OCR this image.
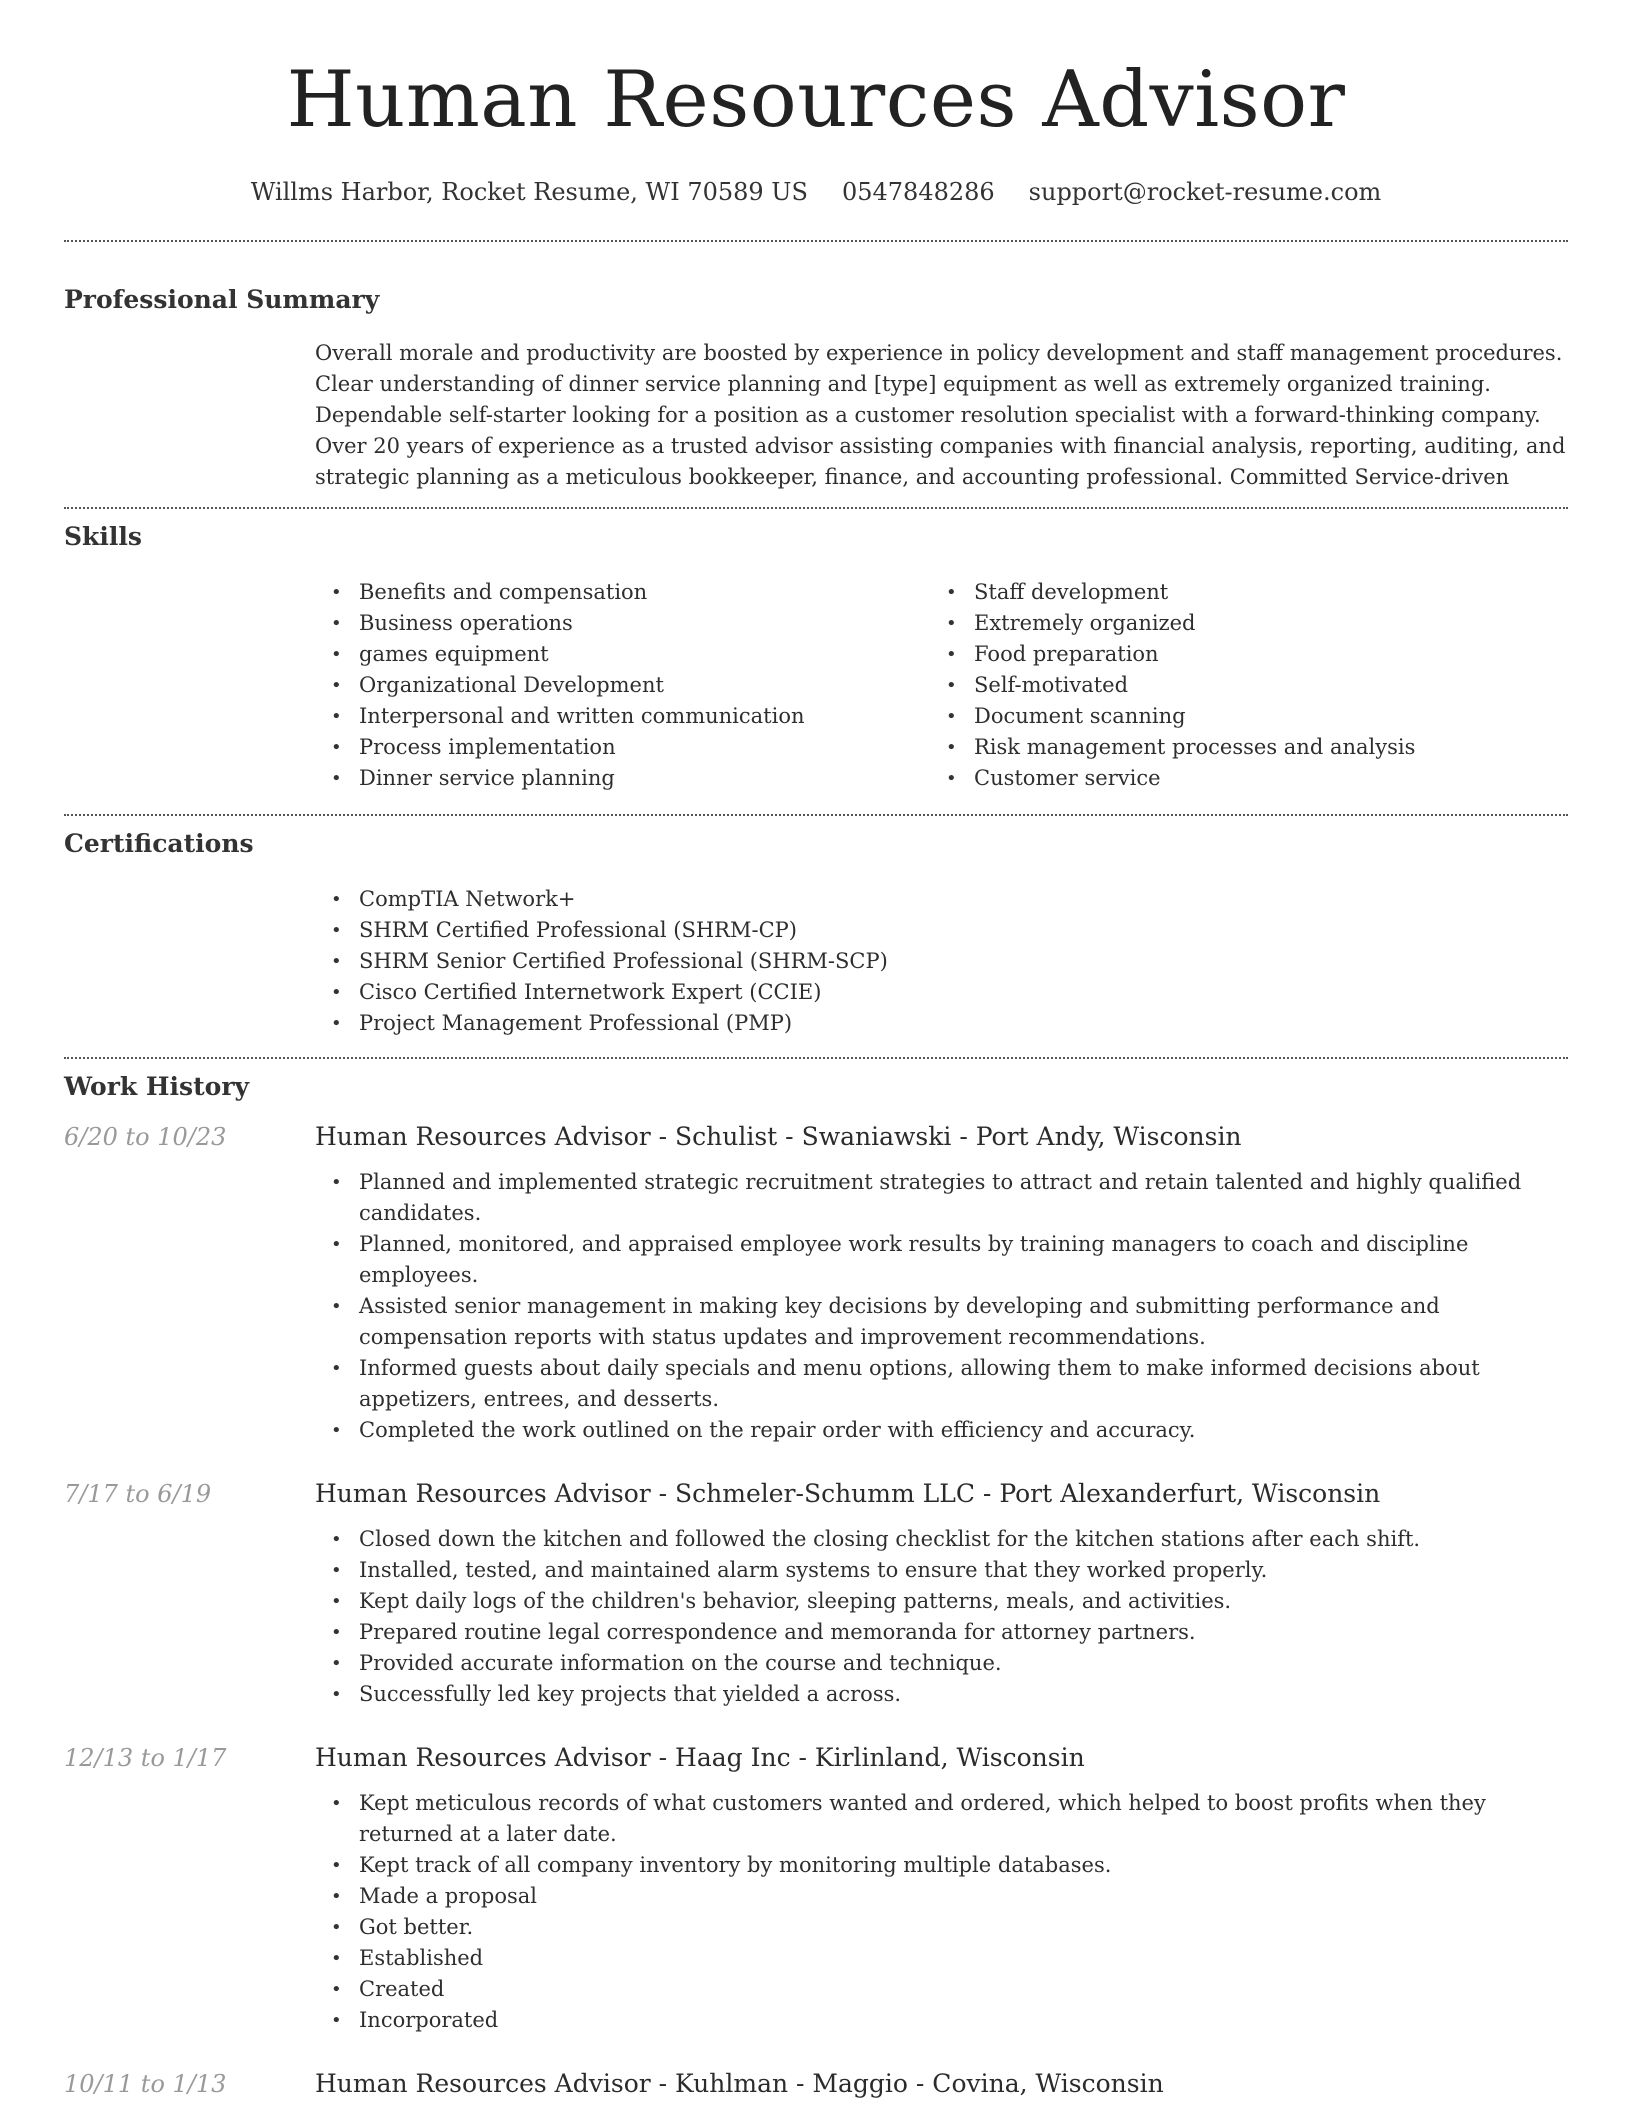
Human Resources Advisor
Willms Harbor, Rocket Resume, WI 70589 US 0547848286 support@rocket-resume.com
Professional Summary

Overall morale and productivity are boosted by experience in policy development and staff management procedures. Clear understanding of dinner service planning and [type] equipment as well as extremely organized training. Dependable self-starter looking for a position as a customer resolution specialist with a forward-thinking company. Over 20 years of experience as a trusted advisor assisting companies with financial analysis, reporting, auditing, and strategic planning as a meticulous bookkeeper, finance, and accounting professional. Committed Service-driven

Skills
• Benefits and compensation
• Business operations
• games equipment
• Organizational Development
• Interpersonal and written communication
• Process implementation
• Dinner service planning
• Staff development
• Extremely organized
• Food preparation
• Self-motivated
• Document scanning
• Risk management processes and analysis
• Customer service
Certifications
• CompTIA Network+
• SHRM Certified Professional (SHRM-CP)
• SHRM Senior Certified Professional (SHRM-SCP)
• Cisco Certified Internetwork Expert (CCIE)
• Project Management Professional (PMP)
Work History
6/20 to 10/23	Human Resources Advisor - Schulist - Swaniawski - Port Andy, Wisconsin
• Planned and implemented strategic recruitment strategies to attract and retain talented and highly qualified candidates.
• Planned, monitored, and appraised employee work results by training managers to coach and discipline employees.
• Assisted senior management in making key decisions by developing and submitting performance and compensation reports with status updates and improvement recommendations.
• Informed guests about daily specials and menu options, allowing them to make informed decisions about appetizers, entrees, and desserts.
• Completed the work outlined on the repair order with efficiency and accuracy.
7/17 to 6/19	Human Resources Advisor - Schmeler-Schumm LLC - Port Alexanderfurt, Wisconsin
• Closed down the kitchen and followed the closing checklist for the kitchen stations after each shift.
• Installed, tested, and maintained alarm systems to ensure that they worked properly.
• Kept daily logs of the children's behavior, sleeping patterns, meals, and activities.
• Prepared routine legal correspondence and memoranda for attorney partners.
• Provided accurate information on the course and technique.
• Successfully led key projects that yielded a across.
12/13 to 1/17	Human Resources Advisor - Haag Inc - Kirlinland, Wisconsin
• Kept meticulous records of what customers wanted and ordered, which helped to boost profits when they returned at a later date.
• Kept track of all company inventory by monitoring multiple databases.
• Made a proposal
• Got better.
• Established
• Created
• Incorporated
10/11 to 1/13	Human Resources Advisor - Kuhlman - Maggio - Covina, Wisconsin
